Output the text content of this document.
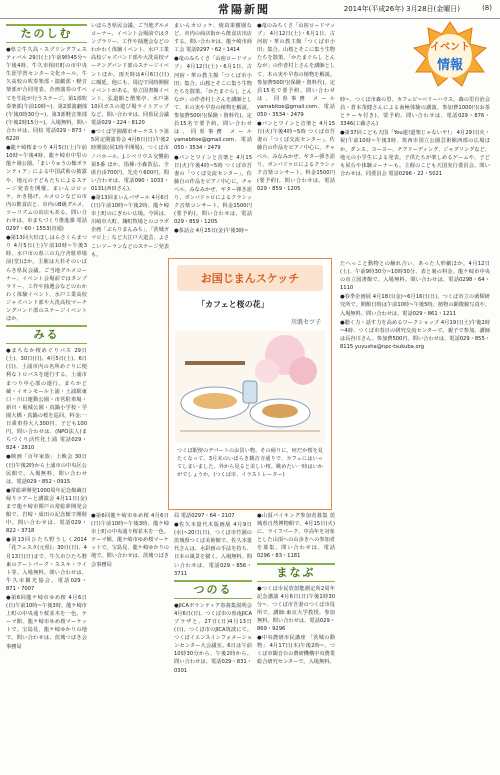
常陽新聞	2014年(平成26年) 3月28日(金曜日)	(8)
イベント
情報
たのしむ

●県立牛久高・スプリングフェスティバル 29日(土)午前9時45分~午後4時、牛久市相田町の市中央生涯学習センター文化ホール。牛久高校の吹奏楽部・演劇部・軽音楽部が合同発表。企画演奏のすべてを生徒が行うステージ。第1部吹奏楽部(午前10時~)、第2部演劇部(午後0時30分~)、第3部軽音楽部(午後2時15分~)。入場無料。問い合わせは、同校 電話029・873・6220

●龍ケ崎桜まつり 4月5日(土)午前10時~午後4時、龍ケ崎市中里の龍ケ岡公園。「まいりゅうの館ボランティア」による中国武術の披露や、地元の子どもたちによるステージ発表を開催。まいんコロッケ、かき揚げ、ルメロンなどの市内の飲食店と、市内のB級グルメ、ツーリズムの出店もある。問い合わせは、市まちづくり推進課 電話0297・60・1553(直通)

●第13回大杉ほしはらさくらまつり 4月5日(土)午前10時~午後3時、水戸市の県三の丸庁舎駐車場前(堂)ほか。主催は大杉そのいばらき県民会議。ご当地グルメコーナー、イベント会場前ではタンブラリー、工作や抽選会などのわかわく体験イベント、水戸工業高校ジャズバンド部や大洗高校マーチングバンド部のステージイベントほか、

みる

●まちなか桜めぐりバス 29日(土)、30日(日)、4月5日(土)、6日(日)、土浦市内の名所めぐりに便利なトロバスを運行する。土浦市まつり中心部の運行。まちかど蔵・イオンモール土浦・土浦駅東口・川口運動公園・市営駐車場・新川・亀城公園・真鍋小学校・学園大橋・真鍋の桜を巡回。料金:一日乗車券大人300円、子ども100円。問い合わせは、(NPO法人)まちづくり活性化土浦 電話029・824・2810

●映画「百年家族」上映会 30日(日)午後2時から土浦市の中央区公民館で。入場無料。問い合わせは、電話029・852・0915

●常総夢開発1000周年記念館蔵日帰りツアーと講演会 4月11日(金)まで龍ケ崎市関戸の常総夢開発会館で。岩崎・成田の記念館で開催中。問い合わせは、電話029・822・3718

●第13回ひたち野うしく2014「花フェスタ(元県)」30日(日)、4月13日(日)まで、牛久市ひたち野東のアートパーク・ススキ・ライト等。入場無料。問い合わせは、牛久市観光協会。電話029・871・7007

●第6回龍ケ崎市ゆめ桜 4月6日(日)午前10時~午後3時、龍ケ崎市上町の中央通り桜並木を一色。テーマ館、龍ケ崎市ゆめ桜マーケットで。宝島見、龍ケ崎ゆかりの地で。問い合わせは、茨城つばき会事務局

いばらき県民会議。ご当地グルメコーナー、イベント会場前ではタンブラリー、工作や抽選会などのわかわく体験イベント、水戸工業高校ジャズバンド部や大洗高校マーチングバンド部のステージイベントほか。雨天時は4月6日(日)に順延。他にも、周辺で同時開催イベントがある。県立図書館イベント、弘道館と偕楽亭、水戸第10回ガスの遊び場ライトアップなど。問い合わせは、同県民会議 電話029・224・8120

●つくば学園都市オーケストラ第5回定期演奏会 4月6日(日)午後2時開演(同1時半開場)、つくば市ノバホール。J.シベリウス交響曲第5番 ほか。指揮:小森敦弘。全席自由700円、先売り600円。問い合わせは、電話090・1033・0131(西田さん)。

●第13回まいんバザール 4月6日(日)午前10時~午後2時、龍ケ崎市上町のにぎわい広場。今回は、川崎市大町、麹町牧場とのコラボ企画「ぶらりまんみち」、「茨城ガマロ上」など大江戸大道芸、よさこいソーランなどのステージ発表も。

まいんカロッケ、焼鳥果樹園など、市内の商店街から飲食店出店する。問い合わせは、龍ケ崎市商工会 電話0297・62・1414

●竜のみちくさ「山宿ロードマップ」 4月12日(土)・6月1日、古河宿・華の教主館「つくば市小田」集合。山桜とそこに集う生物たちを散策。「かたまぐらし とんなが」の作者村上さんを講師として、木の実や早春の植物を解説。参加費500円(保険・資料代)。定員15名で要予約。問い合わせは、同県事務 メールyamabitoe@gmail.com、電話050・3534・2479

●パンとワインと音楽と 4月15日(火)午後4時~5時 つくば市吾妻の「つくば交流センター」。佐藤自の作品をピアノ中心に。チャペル、みなみかぜ、ギター弾き語り、ボンバドゥロによるクラシック音楽コンサート。料金1500円(要予約)。問い合わせは、電話029・859・1205

●茶話会 4月25日(金)午後3時~

●竜のみちくさ「山宿ロードマップ」 4月12日(土)・6月1日、古河宿・華の教主館「つくば市小田」集合。山桜とそこに集う生物たちを散策。「かたまぐらし とんなが」の作者村上さんを講師として、木の実や早春の植物を解説。参加費500円(保険・資料代)。定員15名で要予約。問い合わせは、同県事務 メールyamabitoe@gmail.com、電話050・3534・2479

●パンとワインと音楽と 4月15日(火)午後4時~5時 つくば市吾妻の「つくば交流センター」。佐藤自の作品をピアノ中心に。チャペル、みなみかぜ、ギター弾き語り、ボンバドゥロによるクラシック音楽コンサート。料金1500円(要予約)。問い合わせは、電話029・859・1205

時~、つくば市森の里、カフェピ~ベリーハウス。森の里自治会員・倉本茂健さんによる南極体験の講演。参加費1000円(お茶とケーキ付き)。要予約。問い合わせは、電話029・876・3346(工藤さん)

●第37回こども天国「You連!道楽じゃないヤ!」 4月29日(火・祝)午前10時~午後3時、筑西市国立公園芸術館西部の広場ほか。ダンス、ヨーヨー、チアリーディング、ジャグリングなど、地元の小学生による発表。子供たちが楽しめるゲームや、子ども屋台や体験コーナーも。主催のこども天国実行委員会。問い合わせは、同委員会 電話0296・22・5021

お国じまんスケッチ
「カフェと桜の花」
川浪セツ子
つくば駅傍のデパートのお買い物。その帰りに、何だか桜を見たくなって、3月末のいばらき観音寺通りで、カフェにはいってしまいました。外から見ると美しい桜。眺めたい一時はいかがでしょうか。(つくば市、イラストレーター)

●第6回龍ケ崎市ゆめ桜 4月6日(日)午前10時~午後3時、龍ケ崎市上町の中央通り桜並木を一色。テーマ館、龍ケ崎市ゆめ桜マーケットで。宝島見、龍ケ崎ゆかりの地で。問い合わせは、茨城つばき会事務局

局 電話0297・64・2107

●佐久本量代木版画展 4月9日(水)~20日(日)、つくば市竹園の茨城県つくば美術館で。佐久本量代さんは、水彩画の手法を持ち、日本の風景を描く。入場無料。問い合わせは、電話029・856・3711

つのる

●JICAボランティア春募集説明会 4月6日(日)、つくば市の県南JICAプラザと、27日(日)4月13日(日)、つくば市のJICA筑波にて。つくばイエンスインフォメーションセンター大会議室。6日は午前10時30分から、午後2時から。問い合わせは、電話029・831・0301

●山頂パイキング参加者募集 茨城県自然博物館で、4月15日(火)に、ライフパーク、中高年を対象とした山頂への山歩きへの参加者を募集。問い合わせは、電話0296・83・1181

まなぶ

●つくば市民放射能測定所2周年記念講演 4月6日(日)午後1時30分~、つくば市吾妻のつくば市役所で。講師:東京大学教授。参加無料。問い合わせは、電話029・869・9296

●中央農研市民講座 「茨城の動物」 4月17日(木)午後2時~、つくば市観音台の農研機構中央農業総合研究センターで。入場無料。

たへっこと動物との触れ合い、あった人形劇ほか。4月12日(土)、午前9時30分~10時30分、表と裏の料金。龍ケ崎市中央の市立図書館で。入場無料。問い合わせは、電話0298・64・1110

●春季企画展 4月18日(金)~6月16日(日)、つくば市立の菌類研究所で。開館日時は午前10時~午後5時。植物の顕微鏡写真や。入場無料。問い合わせは、電話029・861・1211

●聴く力・話す力を高めるワークショップ 4月19日(土)午後2時~4時、つくば市春日の研究交流センターで。親子で参加。講師は長谷川さん。参加費500円。問い合わせは、電話029・855・8115 yuyusha@npc-tsukuba.org
